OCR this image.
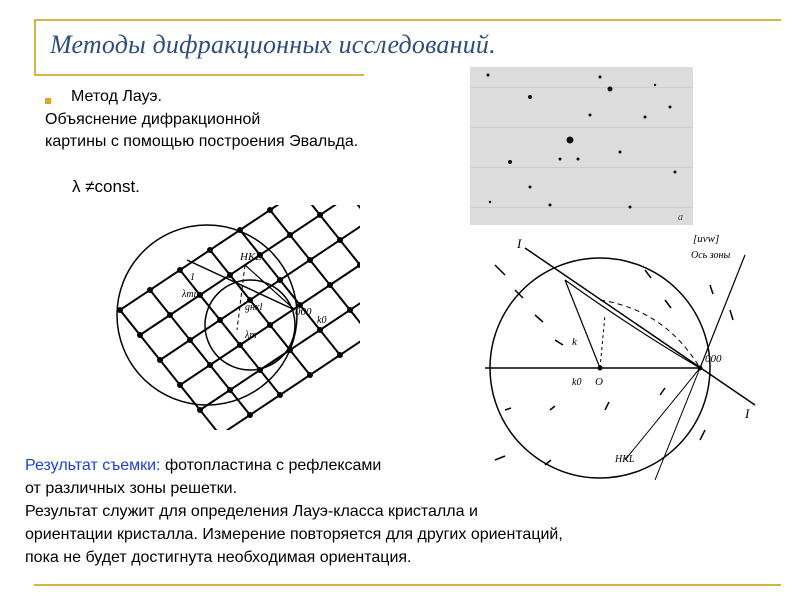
Методы дифракционных исследований.
Метод Лауэ.
Объяснение дифракционной
картины с помощью построения Эвальда.
λ ≠const.
a
HKL
1
λmin
gнкl	000
k0
λm
I
I
[uvw]
Ось зоны
000
O
k
k0
HKL
Результат съемки: фотопластина с рефлексами
от различных зоны решетки.
Результат служит для определения Лауэ-класса кристалла и
ориентации кристалла. Измерение повторяется для других ориентаций,
пока не будет достигнута необходимая ориентация.
